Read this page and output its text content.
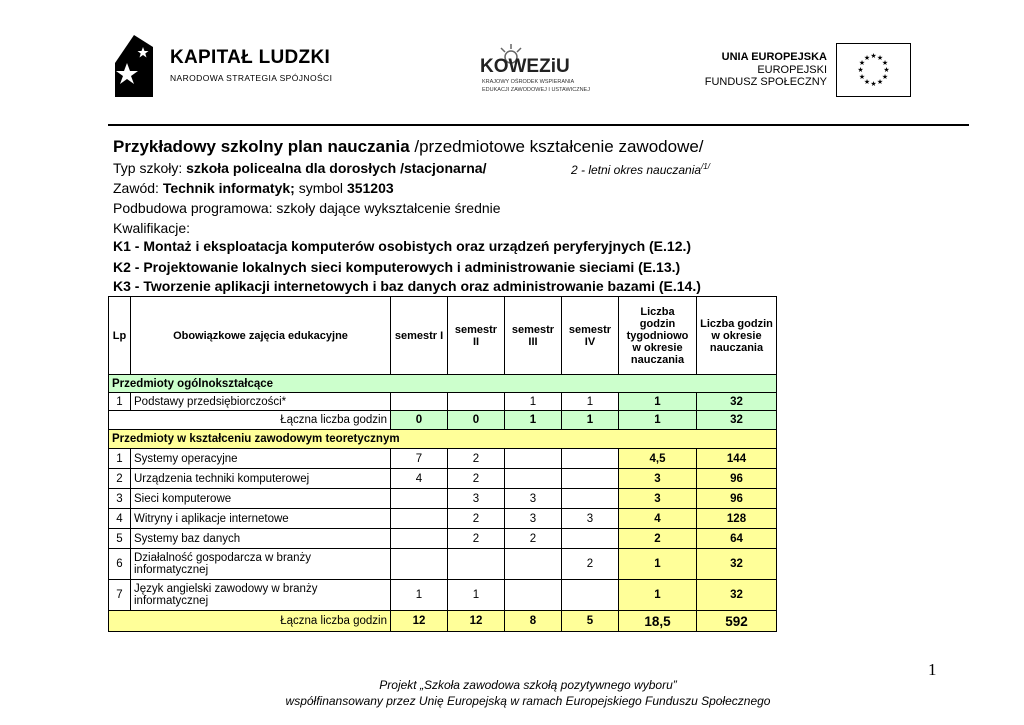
KAPITAŁ LUDZKI
NARODOWA STRATEGIA SPÓJNOŚCI
KOWEZiU
KRAJOWY OŚRODEK WSPIERANIA
EDUKACJI ZAWODOWEJ I USTAWICZNEJ
UNIA EUROPEJSKA
EUROPEJSKI
FUNDUSZ SPOŁECZNY
★ ★
★
★
★
★
★
★
★
★
★
★
Przykładowy szkolny plan nauczania /przedmiotowe kształcenie zawodowe/
Typ szkoły: szkoła policealna dla dorosłych /stacjonarna/	2 - letni okres nauczania$^{/1/}$
Zawód: Technik informatyk; symbol 351203
Podbudowa programowa: szkoły dające wykształcenie średnie
Kwalifikacje:
K1 - Montaż i eksploatacja komputerów osobistych oraz urządzeń peryferyjnych (E.12.)
K2 - Projektowanie lokalnych sieci komputerowych i administrowanie sieciami (E.13.)
K3 - Tworzenie aplikacji internetowych i baz danych oraz administrowanie bazami (E.14.)
Lp	Obowiązkowe zajęcia edukacyjne	semestr I	semestr II	semestr III	semestr IV	Liczba godzin tygodniowo w okresie nauczania	Liczba godzin w okresie nauczania
Przedmioty ogólnokształcące							
1	Podstawy przedsiębiorczości*			1	1	1	32
Łączna liczba godzin		0	0	1	1	1	32
Przedmioty w kształceniu zawodowym teoretycznym							
1	Systemy operacyjne	7	2			4,5	144
2	Urządzenia techniki komputerowej	4	2			3	96
3	Sieci komputerowe		3	3		3	96
4	Witryny i aplikacje internetowe		2	3	3	4	128
5	Systemy baz danych		2	2		2	64
6	Działalność gospodarcza w branży informatycznej				2	1	32
7	Język angielski zawodowy w branży informatycznej	1	1			1	32
Łączna liczba godzin		12	12	8	5	18,5	592
1
Projekt „Szkoła zawodowa szkołą pozytywnego wyboru”
współfinansowany przez Unię Europejską w ramach Europejskiego Funduszu Społecznego
